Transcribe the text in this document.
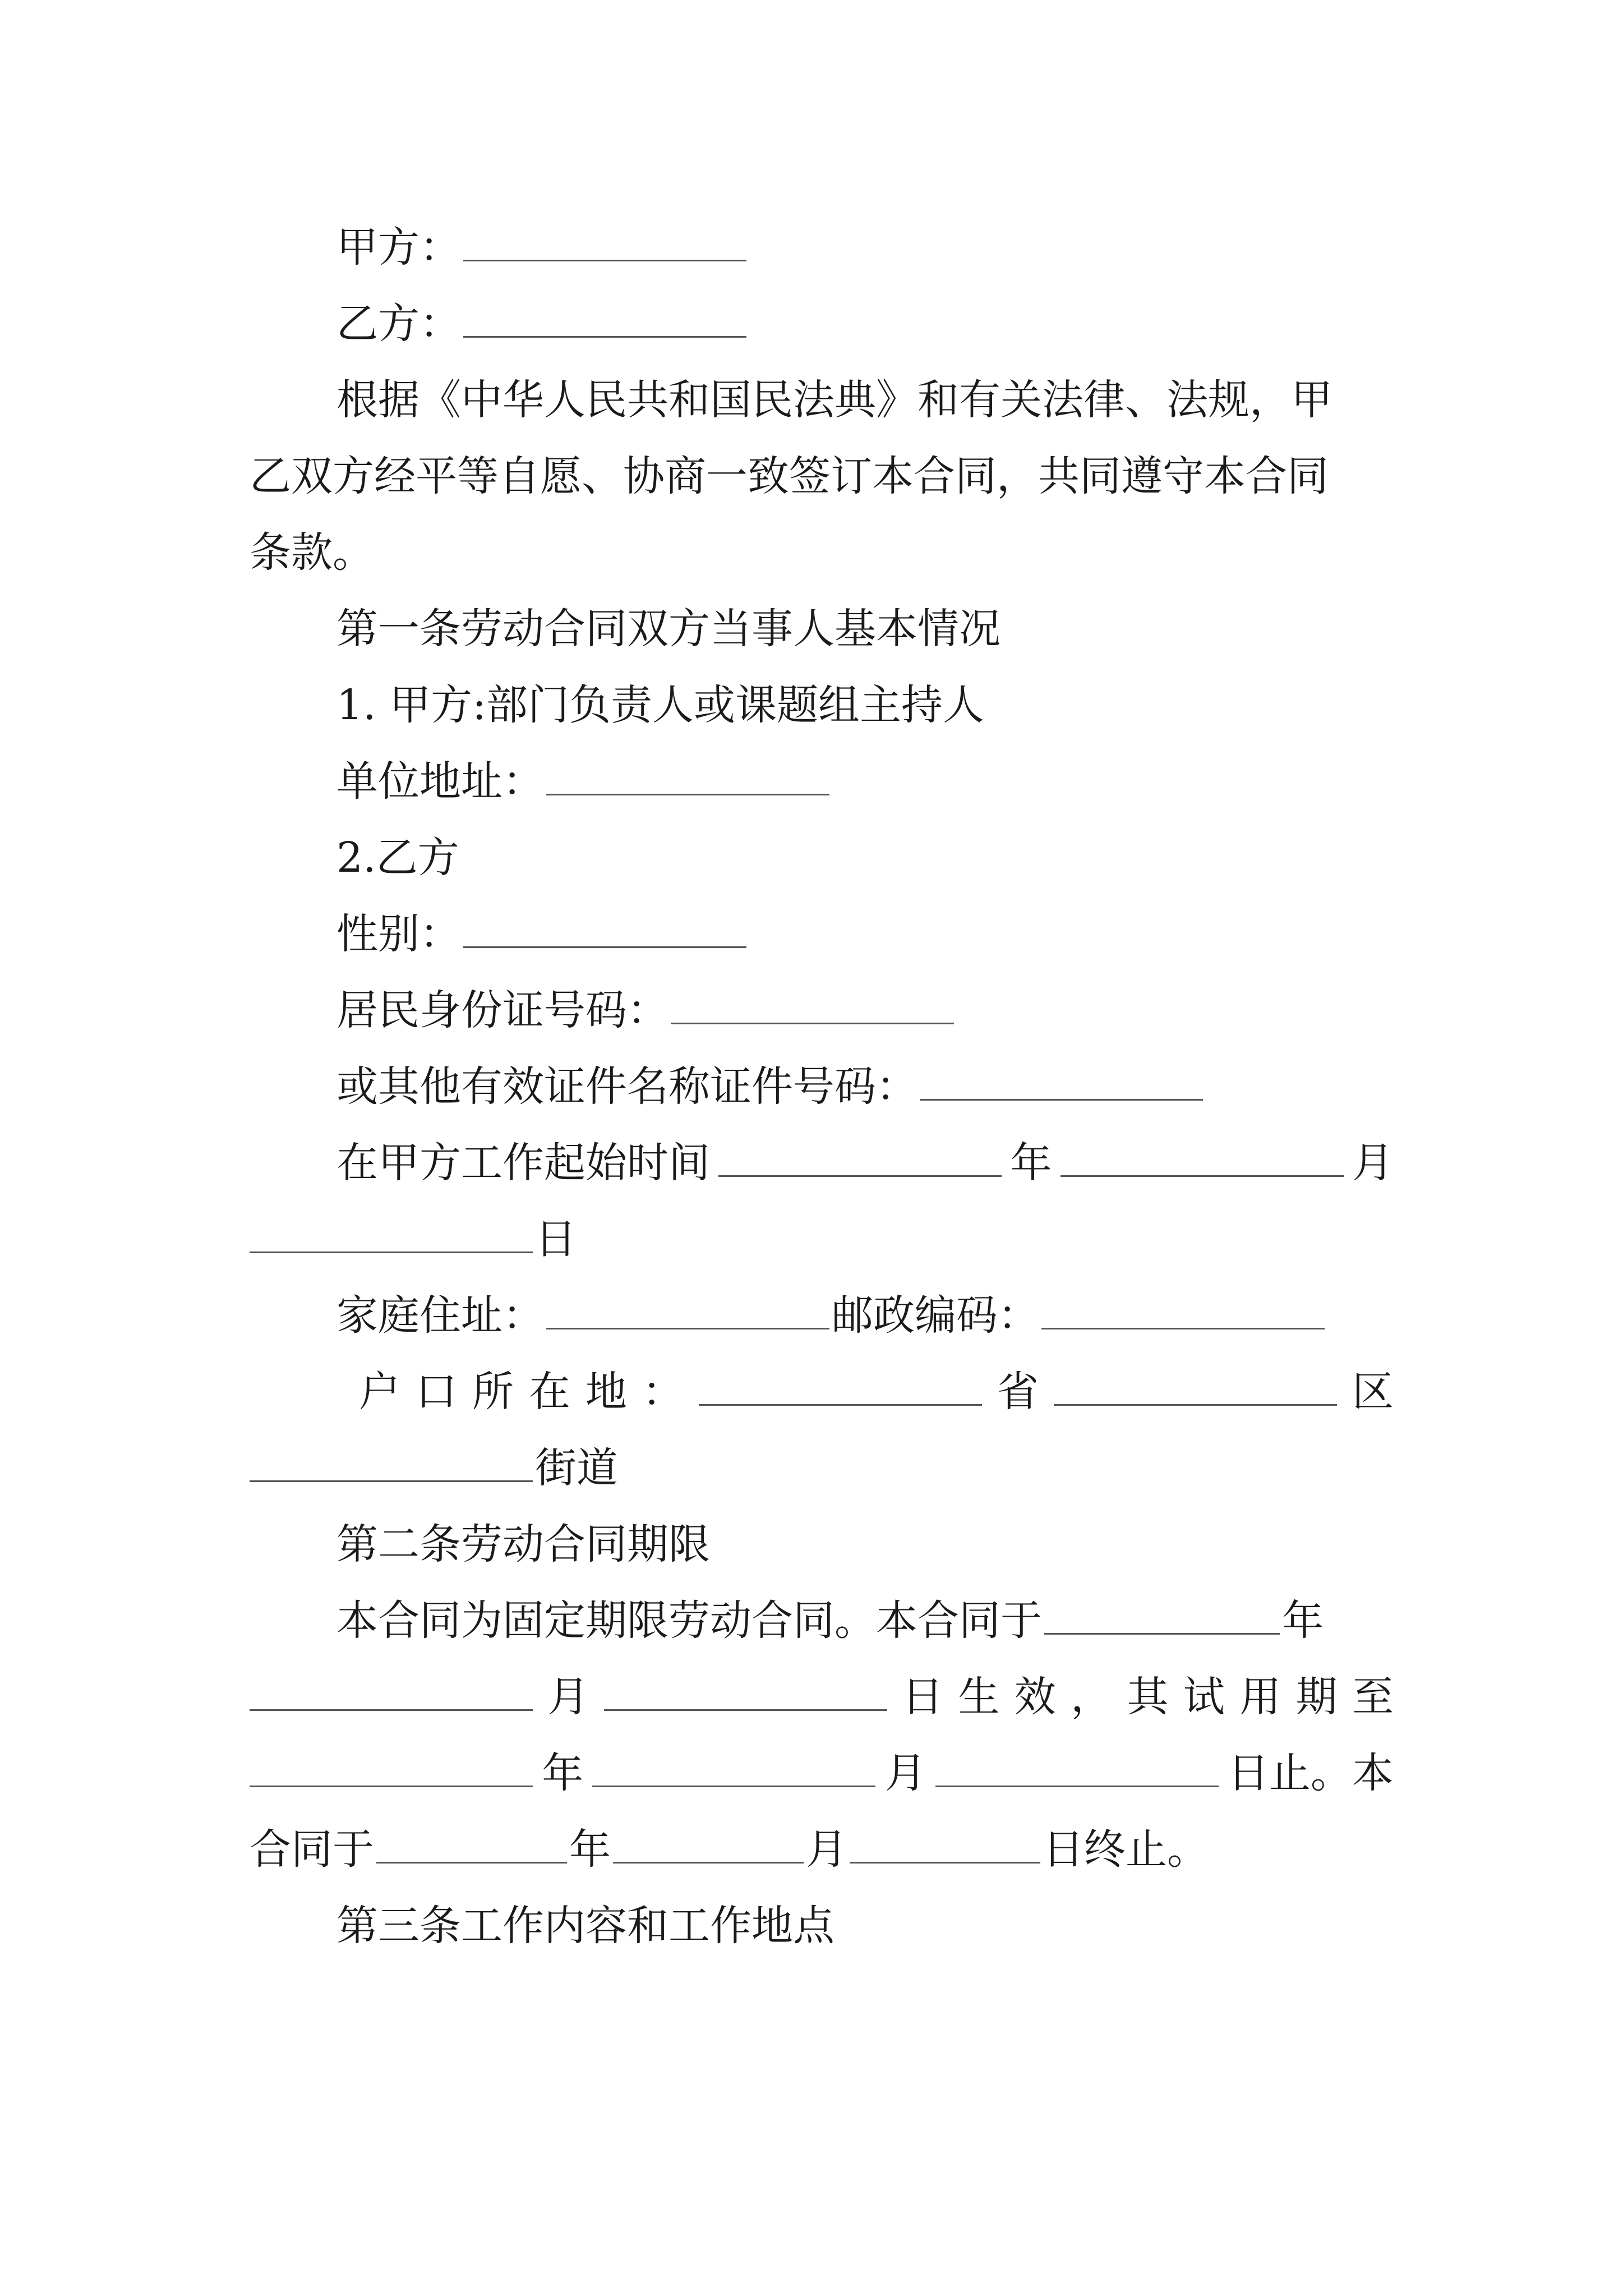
甲方：
乙方：
根据《中华人民共和国民法典》和有关法律、法规，甲
乙双方经平等自愿、协商一致签订本合同，共同遵守本合同
条款。
第一条劳动合同双方当事人基本情况
1. 甲方:部门负责人或课题组主持人
单位地址：
2.乙方
性别：
居民身份证号码：
或其他有效证件名称证件号码：
在甲方工作起始时间	年	月
日
家庭住址：	邮政编码：
户 口 所 在 地 ：	省	区
街道
第二条劳动合同期限
本合同为固定期限劳动合同。本合同于	年
月	日 生 效 ， 其 试 用 期 至
年	月	日止。本
合同于	年	月	日终止。
第三条工作内容和工作地点
